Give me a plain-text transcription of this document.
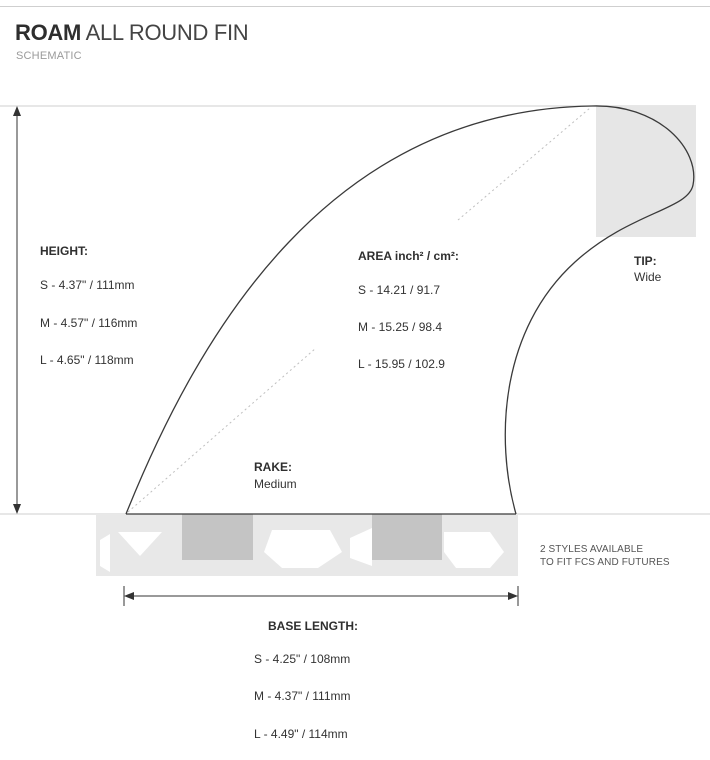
ROAM ALL ROUND FIN
SCHEMATIC
HEIGHT:
S - 4.37" / 111mm
M - 4.57" / 116mm
L - 4.65" / 118mm
AREA inch² / cm²:
S - 14.21 / 91.7
M - 15.25 / 98.4
L - 15.95 / 102.9
TIP:
Wide
RAKE:
Medium
2 STYLES AVAILABLE
TO FIT FCS AND FUTURES
BASE LENGTH:
S - 4.25" / 108mm
M - 4.37" / 111mm
L - 4.49" / 114mm
